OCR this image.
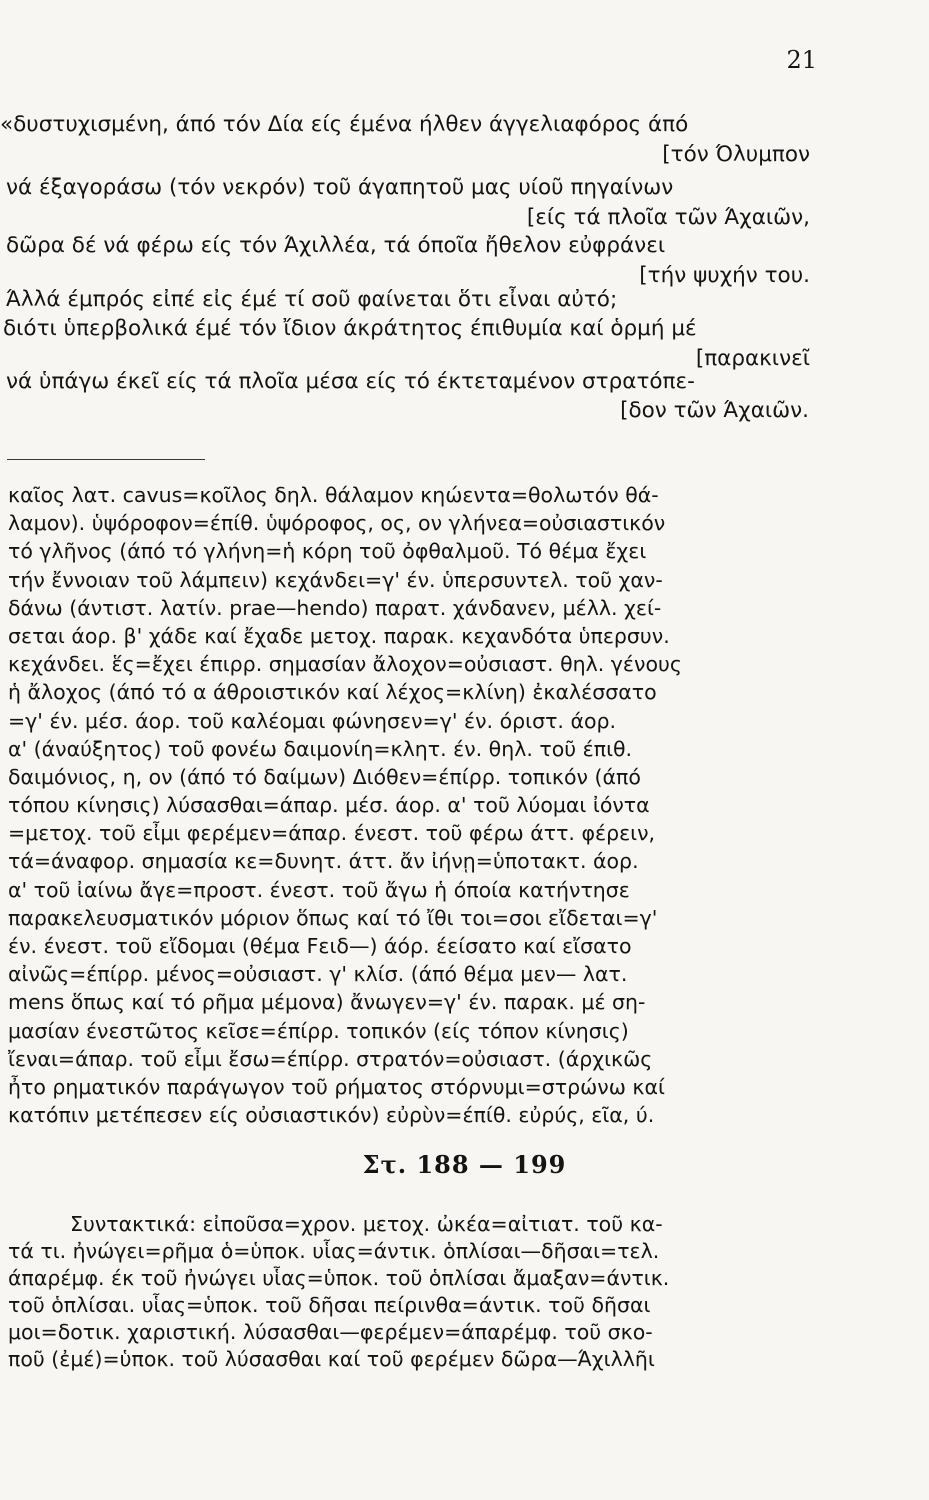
21
«δυστυχισμένη, άπό τόν Δία είς έμένα ήλθεν άγγελιαφόρος άπό
[τόν Όλυμπον
νά έξαγοράσω (τόν νεκρόν) τοῦ άγαπητοῦ μας υίοῦ πηγαίνων
[είς τά πλοῖα τῶν Άχαιῶν,
δῶρα δέ νά φέρω είς τόν Άχιλλέα, τά όποῖα ἤθελον εὐφράνει
[τήν ψυχήν του.
Άλλά έμπρός εἰπέ εἰς έμέ τί σοῦ φαίνεται ὅτι εἶναι αὐτό;
διότι ὑπερβολικά έμέ τόν ἴδιον άκράτητος έπιθυμία καί ὁρμή μέ
[παρακινεῖ
νά ὑπάγω έκεῖ είς τά πλοῖα μέσα είς τό έκτεταμένον στρατόπε-
[δον τῶν Άχαιῶν.
καῖος λατ. cavus=κοῖλος δηλ. θάλαμον κηώεντα=θολωτόν θά-
λαμον). ὑψόροφον=έπίθ. ὑψόροφος, ος, ον γλήνεα=οὐσιαστικόν
τό γλῆνος (άπό τό γλήνη=ἡ κόρη τοῦ ὀφθαλμοῦ. Τό θέμα ἔχει
τήν ἔννοιαν τοῦ λάμπειν) κεχάνδει=γ' έν. ὑπερσυντελ. τοῦ χαν-
δάνω (άντιστ. λατίν. prae—hendo) παρατ. χάνδανεν, μέλλ. χεί-
σεται άορ. β' χάδε καί ἔχαδε μετοχ. παρακ. κεχανδότα ὑπερσυν.
κεχάνδει. ἕς=ἔχει έπιρρ. σημασίαν ἄλοχον=οὐσιαστ. θηλ. γένους
ἡ ἄλοχος (άπό τό α άθροιστικόν καί λέχος=κλίνη) ἐκαλέσσατο
=γ' έν. μέσ. άορ. τοῦ καλέομαι φώνησεν=γ' έν. όριστ. άορ.
α' (άναύξητος) τοῦ φονέω δαιμονίη=κλητ. έν. θηλ. τοῦ έπιθ.
δαιμόνιος, η, ον (άπό τό δαίμων) Διόθεν=έπίρρ. τοπικόν (άπό
τόπου κίνησις) λύσασθαι=άπαρ. μέσ. άορ. α' τοῦ λύομαι ἰόντα
=μετοχ. τοῦ εἶμι φερέμεν=άπαρ. ένεστ. τοῦ φέρω άττ. φέρειν,
τά=άναφορ. σημασία κε=δυνητ. άττ. ἄν ἰήνῃ=ὑποτακτ. άορ.
α' τοῦ ἰαίνω ἄγε=προστ. ένεστ. τοῦ ἄγω ἡ όποία κατήντησε
παρακελευσματικόν μόριον ὅπως καί τό ἴθι τοι=σοι εἴδεται=γ'
έν. ένεστ. τοῦ εἴδομαι (θέμα Fειδ—) άόρ. έείσατο καί εἴσατο
αἰνῶς=έπίρρ. μένος=οὐσιαστ. γ' κλίσ. (άπό θέμα μεν— λατ.
mens ὅπως καί τό ρῆμα μέμονα) ἄνωγεν=γ' έν. παρακ. μέ ση-
μασίαν ένεστῶτος κεῖσε=έπίρρ. τοπικόν (είς τόπον κίνησις)
ἴεναι=άπαρ. τοῦ εἶμι ἔσω=έπίρρ. στρατόν=οὐσιαστ. (άρχικῶς
ἦτο ρηματικόν παράγωγον τοῦ ρήματος στόρνυμι=στρώνω καί
κατόπιν μετέπεσεν είς οὐσιαστικόν) εὐρὺν=έπίθ. εὐρύς, εῖα, ύ.
Στ. 188 — 199
Συντακτικά: εἰποῦσα=χρον. μετοχ. ὠκέα=αἰτιατ. τοῦ κα-
τά τι. ἠνώγει=ρῆμα ὁ=ὑποκ. υἷας=άντικ. ὁπλίσαι—δῆσαι=τελ.
άπαρέμφ. έκ τοῦ ἠνώγει υἷας=ὑποκ. τοῦ ὁπλίσαι ἄμαξαν=άντικ.
τοῦ ὁπλίσαι. υἷας=ὑποκ. τοῦ δῆσαι πείρινθα=άντικ. τοῦ δῆσαι
μοι=δοτικ. χαριστική. λύσασθαι—φερέμεν=άπαρέμφ. τοῦ σκο-
ποῦ (ἐμέ)=ὑποκ. τοῦ λύσασθαι καί τοῦ φερέμεν δῶρα—Άχιλλῆι
